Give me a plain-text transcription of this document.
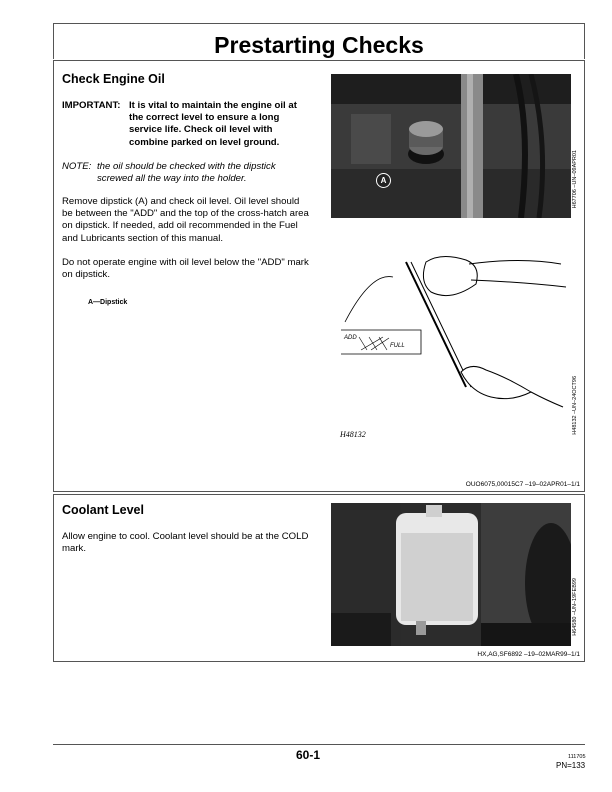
Prestarting Checks
Check Engine Oil
IMPORTANT: It is vital to maintain the engine oil at
the correct level to ensure a long
service life. Check oil level with
combine parked on level ground.
NOTE: the oil should be checked with the dipstick
screwed all the way into the holder.
Remove dipstick (A) and check oil level. Oil level should
be between the "ADD" and the top of the cross-hatch area
on dipstick. If needed, add oil recommended in the Fuel
and Lubricants section of this manual.
Do not operate engine with oil level below the "ADD" mark
on dipstick.
A—Dipstick
A	H67706 –UN–09APR01
ADD
FULL
H48132	H48132 –UN–24OCT96
OUO6075,00015C7 –19–02APR01–1/1
Coolant Level
Allow engine to cool. Coolant level should be at the COLD
mark.
H64580 –UN–19FEB99
HX,AG,SF6892 –19–02MAR99–1/1
60-1	111705
PN=133
